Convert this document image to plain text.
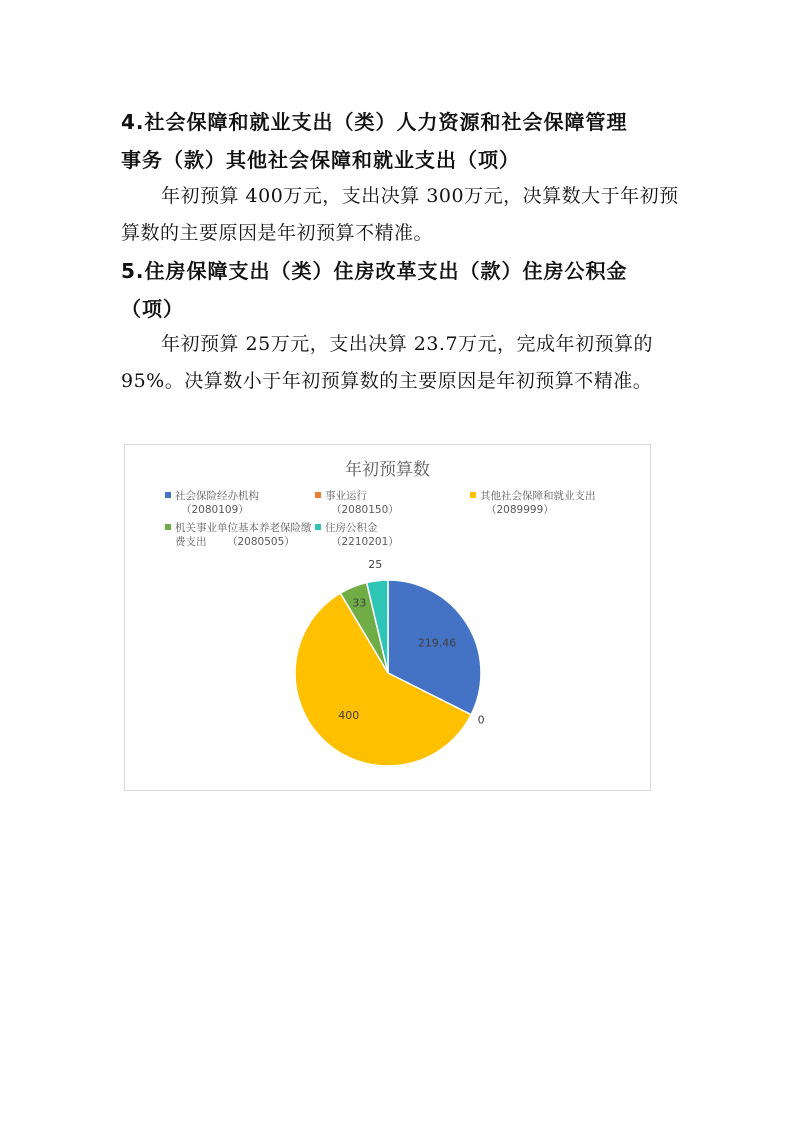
4.社会保障和就业支出（类）人力资源和社会保障管理
事务（款）其他社会保障和就业支出（项）

年初预算 400万元，支出决算 300万元，决算数大于年初预算数的主要原因是年初预算不精准。

5.住房保障支出（类）住房改革支出（款）住房公积金
（项）

年初预算 25万元，支出决算 23.7万元，完成年初预算的 95%。决算数小于年初预算数的主要原因是年初预算不精准。

年初预算数
社会保险经办机构
（2080109）
事业运行
（2080150）
其他社会保障和就业支出
（2089999）
机关事业单位基本养老保险缴费支出	（2080505）
住房公积金
（2210201）
219.46
0
400
33
25
